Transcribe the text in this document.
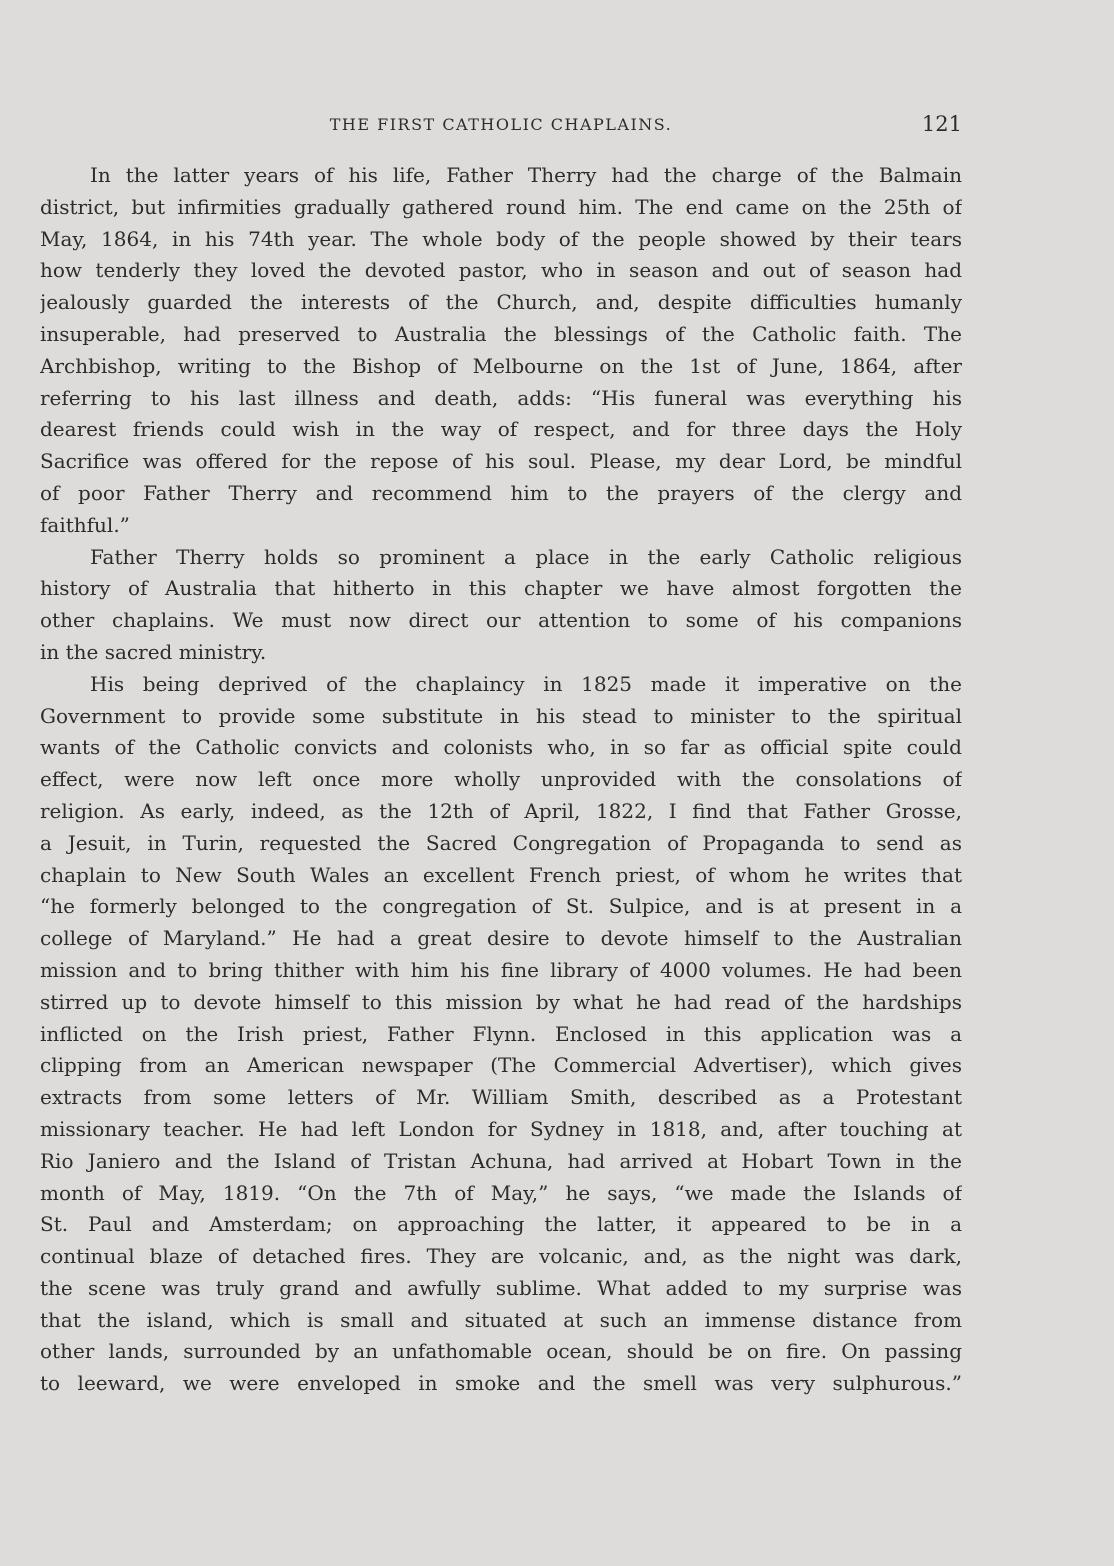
THE FIRST CATHOLIC CHAPLAINS.	121
In the latter years of his life, Father Therry had the charge of the Balmain
district, but infirmities gradually gathered round him. The end came on the 25th of
May, 1864, in his 74th year. The whole body of the people showed by their tears
how tenderly they loved the devoted pastor, who in season and out of season had
jealously guarded the interests of the Church, and, despite difficulties humanly
insuperable, had preserved to Australia the blessings of the Catholic faith. The
Archbishop, writing to the Bishop of Melbourne on the 1st of June, 1864, after
referring to his last illness and death, adds: “His funeral was everything his
dearest friends could wish in the way of respect, and for three days the Holy
Sacrifice was offered for the repose of his soul. Please, my dear Lord, be mindful
of poor Father Therry and recommend him to the prayers of the clergy and
faithful.”
Father Therry holds so prominent a place in the early Catholic religious
history of Australia that hitherto in this chapter we have almost forgotten the
other chaplains. We must now direct our attention to some of his companions
in the sacred ministry.
His being deprived of the chaplaincy in 1825 made it imperative on the
Government to provide some substitute in his stead to minister to the spiritual
wants of the Catholic convicts and colonists who, in so far as official spite could
effect, were now left once more wholly unprovided with the consolations of
religion. As early, indeed, as the 12th of April, 1822, I find that Father Grosse,
a Jesuit, in Turin, requested the Sacred Congregation of Propaganda to send as
chaplain to New South Wales an excellent French priest, of whom he writes that
“he formerly belonged to the congregation of St. Sulpice, and is at present in a
college of Maryland.” He had a great desire to devote himself to the Australian
mission and to bring thither with him his fine library of 4000 volumes. He had been
stirred up to devote himself to this mission by what he had read of the hardships
inflicted on the Irish priest, Father Flynn. Enclosed in this application was a
clipping from an American newspaper (The Commercial Advertiser), which gives
extracts from some letters of Mr. William Smith, described as a Protestant
missionary teacher. He had left London for Sydney in 1818, and, after touching at
Rio Janiero and the Island of Tristan Achuna, had arrived at Hobart Town in the
month of May, 1819. “On the 7th of May,” he says, “we made the Islands of
St. Paul and Amsterdam; on approaching the latter, it appeared to be in a
continual blaze of detached fires. They are volcanic, and, as the night was dark,
the scene was truly grand and awfully sublime. What added to my surprise was
that the island, which is small and situated at such an immense distance from
other lands, surrounded by an unfathomable ocean, should be on fire. On passing
to leeward, we were enveloped in smoke and the smell was very sulphurous.”
